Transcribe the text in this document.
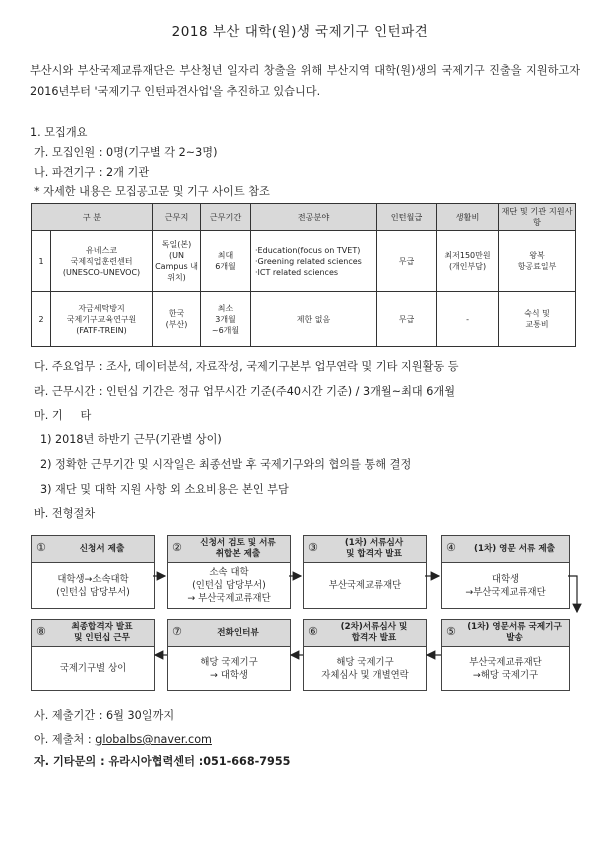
2018 부산 대학(원)생 국제기구 인턴파견
부산시와 부산국제교류재단은 부산청년 일자리 창출을 위해 부산지역 대학(원)생의 국제기구 진출을 지원하고자 2016년부터 '국제기구 인턴파견사업'을 추진하고 있습니다.
1. 모집개요
가. 모집인원 : 0명(기구별 각 2~3명)
나. 파견기구 : 2개 기관
* 자세한 내용은 모집공고문 및 기구 사이트 참조
구 분		근무지	근무기간	전공분야	인턴월급	생활비	재단 및 기관 지원사항
1	유네스코
국제직업훈련센터
(UNESCO-UNEVOC)	독일(본)
(UN
Campus 내
위치)	최대
6개월	·Education(focus on TVET)
·Greening related sciences
·ICT related sciences	무급	최저150만원
(개인부담)	왕복
항공료일부
2	자금세탁방지
국제기구교육연구원
(FATF-TREIN)	한국
(부산)	최소
3개월
~6개월	제한 없음	무급	-	숙식 및
교통비
다. 주요업무 : 조사, 데이터분석, 자료작성, 국제기구본부 업무연락 및 기타 지원활동 등
라. 근무시간 : 인턴십 기간은 정규 업무시간 기준(주40시간 기준) / 3개월~최대 6개월
마. 기     타
1) 2018년 하반기 근무(기관별 상이)
2) 정확한 근무기간 및 시작일은 최종선발 후 국제기구와의 협의를 통해 결정
3) 재단 및 대학 지원 사항 외 소요비용은 본인 부담
바. 전형절차
①	신청서 제출
대학생→소속대학
(인턴십 담당부서)
②	신청서 검토 및 서류
취합본 제출
소속 대학
(인턴십 담당부서)
→ 부산국제교류재단
③	(1차) 서류심사
및 합격자 발표
부산국제교류재단
④	(1차) 영문 서류 제출
대학생
→부산국제교류재단
⑧	최종합격자 발표
및 인턴십 근무
국제기구별 상이
⑦	전화인터뷰
해당 국제기구
→ 대학생
⑥	(2차)서류심사 및
합격자 발표
해당 국제기구
자체심사 및 개별연락
⑤	(1차) 영문서류 국제기구
발송
부산국제교류재단
→해당 국제기구
사. 제출기간 : 6월 30일까지
아. 제출처 : globalbs@naver.com
자. 기타문의 : 유라시아협력센터 :051-668-7955
